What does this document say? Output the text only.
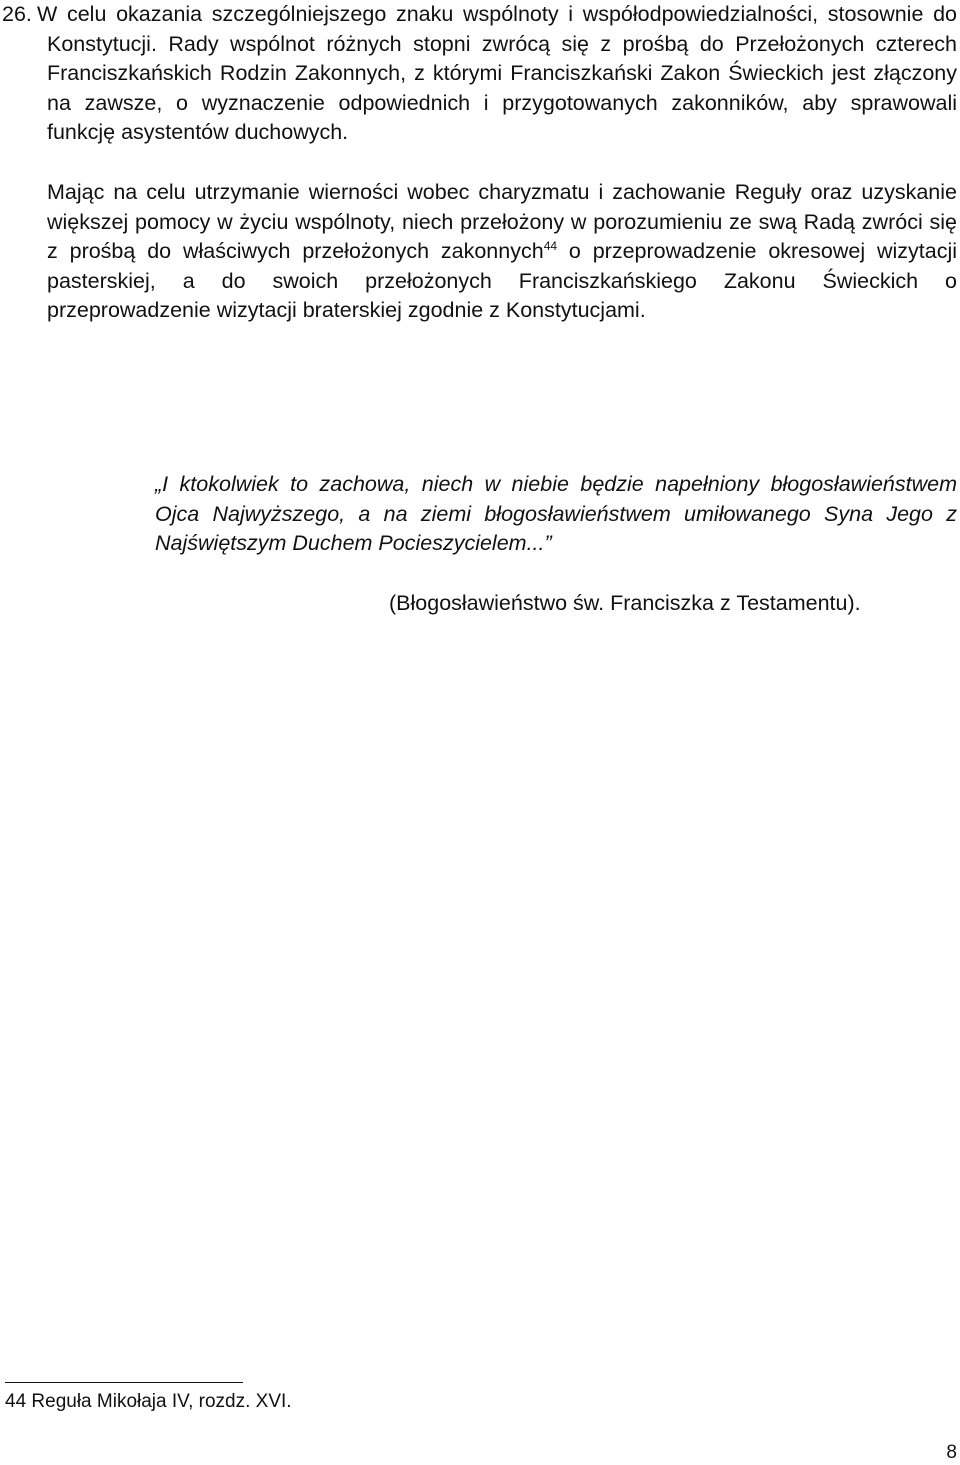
26. W celu okazania szczególniejszego znaku wspólnoty i współodpowiedzialności, stosownie do Konstytucji. Rady wspólnot różnych stopni zwrócą się z prośbą do Przełożonych czterech Franciszkańskich Rodzin Zakonnych, z którymi Franciszkański Zakon Świeckich jest złączony na zawsze, o wyznaczenie odpowiednich i przygotowanych zakonników, aby sprawowali funkcję asystentów duchowych.

Mając na celu utrzymanie wierności wobec charyzmatu i zachowanie Reguły oraz uzyskanie większej pomocy w życiu wspólnoty, niech przełożony w porozumieniu ze swą Radą zwróci się z prośbą do właściwych przełożonych zakonnych$^{44}$ o przeprowadzenie okresowej wizytacji pasterskiej, a do swoich przełożonych Franciszkańskiego Zakonu Świeckich o przeprowadzenie wizytacji braterskiej zgodnie z Konstytucjami.

„I ktokolwiek to zachowa, niech w niebie będzie napełniony błogosławieństwem Ojca Najwyższego, a na ziemi błogosławieństwem umiłowanego Syna Jego z Najświętszym Duchem Pocieszycielem...”

(Błogosławieństwo św. Franciszka z Testamentu).

44 Reguła Mikołaja IV, rozdz. XVI.

8
